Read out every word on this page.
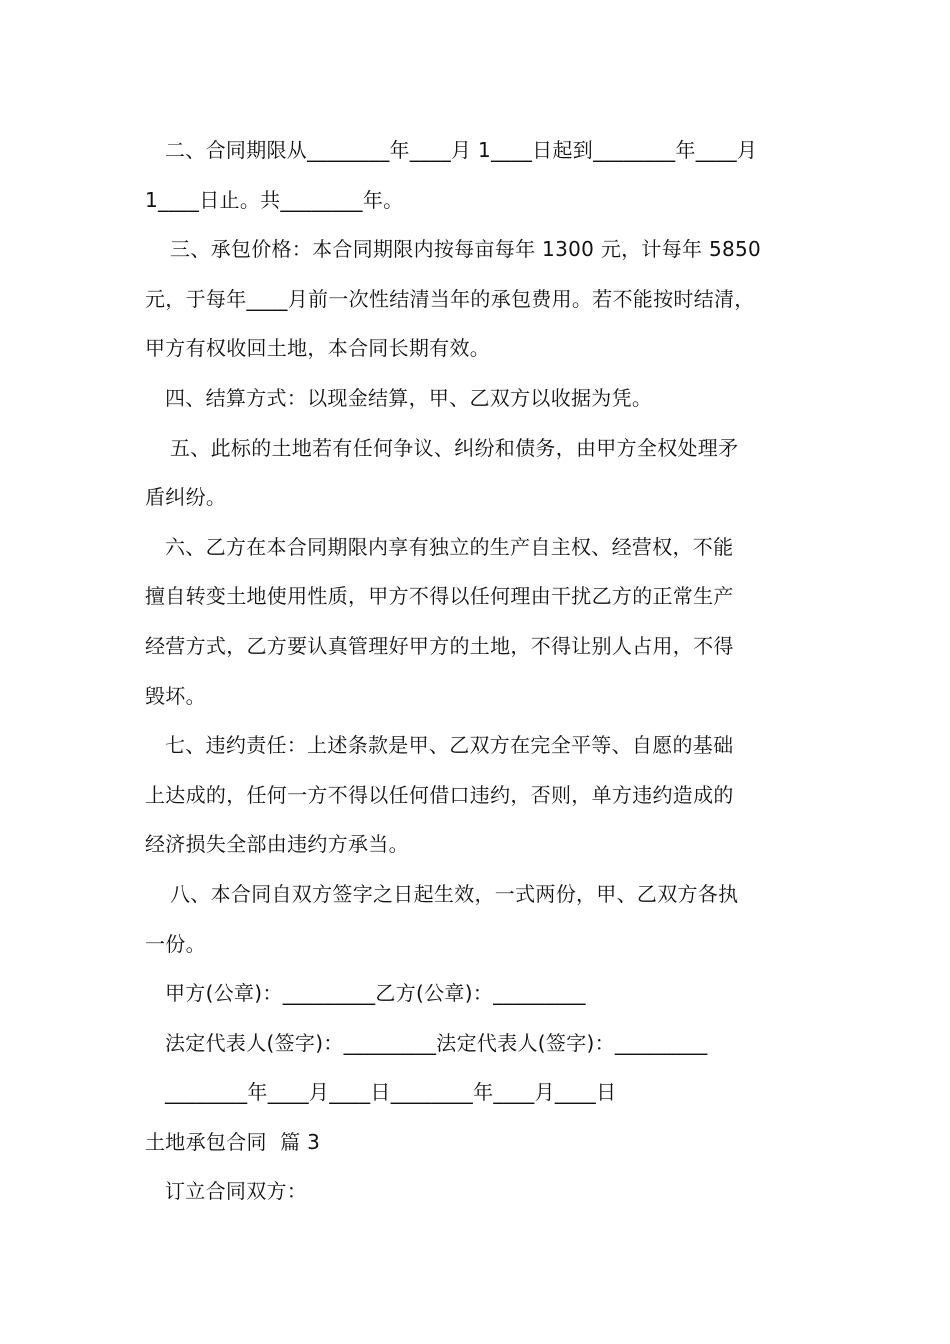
二、合同期限从________年____月 1____日起到________年____月
1____日止。共________年。
三、承包价格：本合同期限内按每亩每年 1300 元，计每年 5850
元，于每年____月前一次性结清当年的承包费用。若不能按时结清，
甲方有权收回土地，本合同长期有效。
四、结算方式：以现金结算，甲、乙双方以收据为凭。
五、此标的土地若有任何争议、纠纷和债务，由甲方全权处理矛
盾纠纷。
六、乙方在本合同期限内享有独立的生产自主权、经营权，不能
擅自转变土地使用性质，甲方不得以任何理由干扰乙方的正常生产
经营方式，乙方要认真管理好甲方的土地，不得让别人占用，不得
毁坏。
七、违约责任：上述条款是甲、乙双方在完全平等、自愿的基础
上达成的，任何一方不得以任何借口违约，否则，单方违约造成的
经济损失全部由违约方承当。
八、本合同自双方签字之日起生效，一式两份，甲、乙双方各执
一份。
甲方(公章)：_________乙方(公章)：_________
法定代表人(签字)：_________法定代表人(签字)：_________
________年____月____日________年____月____日
土地承包合同  篇 3
订立合同双方：
